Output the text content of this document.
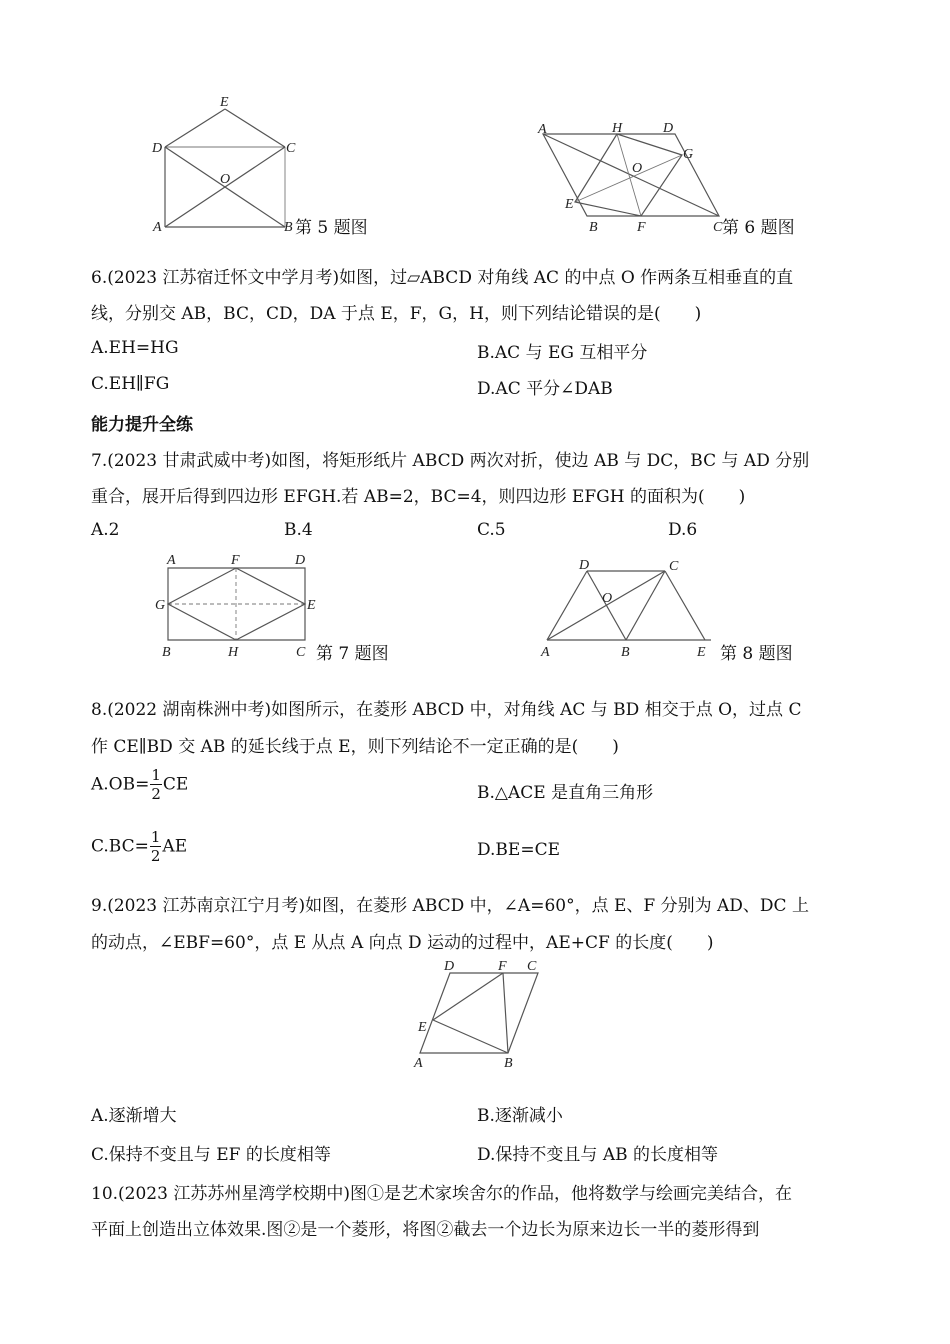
E
D	C
O
A	B 第 5 题图
A	H	D
G
O
E
B	F	C 第 6 题图
6.(2023 江苏宿迁怀文中学月考)如图，过▱ABCD 对角线 AC 的中点 O 作两条互相垂直的直
线，分别交 AB，BC，CD，DA 于点 E，F，G，H，则下列结论错误的是(　　)
A.EH=HG	B.AC 与 EG 互相平分
C.EH∥FG	D.AC 平分∠DAB
能力提升全练
7.(2023 甘肃武威中考)如图，将矩形纸片 ABCD 两次对折，使边 AB 与 DC，BC 与 AD 分别
重合，展开后得到四边形 EFGH.若 AB=2，BC=4，则四边形 EFGH 的面积为(　　)
A.2	B.4	C.5	D.6
A	F	D
G	E
B	H	C 第 7 题图
D	C
O
A	B	E 第 8 题图
8.(2022 湖南株洲中考)如图所示，在菱形 ABCD 中，对角线 AC 与 BD 相交于点 O，过点 C
作 CE∥BD 交 AB 的延长线于点 E，则下列结论不一定正确的是(　　)
$A.OB= \frac{1}{2}$ CE	B.△ACE 是直角三角形
$C.BC= \frac{1}{2}$ AE	D.BE=CE
9.(2023 江苏南京江宁月考)如图，在菱形 ABCD 中，∠A=60°，点 E、F 分别为 AD、DC 上
的动点，∠EBF=60°，点 E 从点 A 向点 D 运动的过程中，AE+CF 的长度(　　)
D	F C
E
A	B
A.逐渐增大	B.逐渐减小
C.保持不变且与 EF 的长度相等	D.保持不变且与 AB 的长度相等
10.(2023 江苏苏州星湾学校期中)图①是艺术家埃舍尔的作品，他将数学与绘画完美结合，在
平面上创造出立体效果.图②是一个菱形，将图②截去一个边长为原来边长一半的菱形得到
